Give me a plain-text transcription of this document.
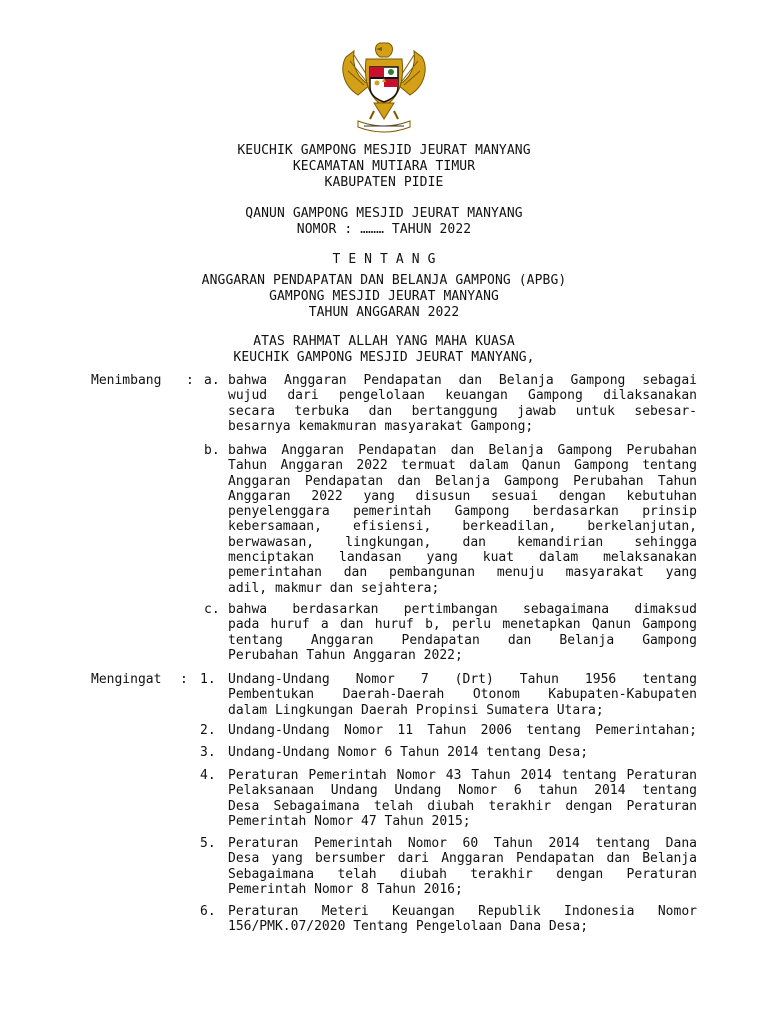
KEUCHIK GAMPONG MESJID JEURAT MANYANG
KECAMATAN MUTIARA TIMUR
KABUPATEN PIDIE
QANUN GAMPONG MESJID JEURAT MANYANG
NOMOR : ……… TAHUN 2022
T E N T A N G
ANGGARAN PENDAPATAN DAN BELANJA GAMPONG (APBG)
GAMPONG MESJID JEURAT MANYANG
TAHUN ANGGARAN 2022
ATAS RAHMAT ALLAH YANG MAHA KUASA
KEUCHIK GAMPONG MESJID JEURAT MANYANG,
Menimbang : a. bahwa Anggaran Pendapatan dan Belanja Gampong sebagai
wujud dari pengelolaan keuangan Gampong dilaksanakan
secara terbuka dan bertanggung jawab untuk sebesar-
besarnya kemakmuran masyarakat Gampong;
b. bahwa Anggaran Pendapatan dan Belanja Gampong Perubahan
Tahun Anggaran 2022 termuat dalam Qanun Gampong tentang
Anggaran Pendapatan dan Belanja Gampong Perubahan Tahun
Anggaran 2022 yang disusun sesuai dengan kebutuhan
penyelenggara pemerintah Gampong berdasarkan prinsip
kebersamaan, efisiensi, berkeadilan, berkelanjutan,
berwawasan, lingkungan, dan kemandirian sehingga
menciptakan landasan yang kuat dalam melaksanakan
pemerintahan dan pembangunan menuju masyarakat yang
adil, makmur dan sejahtera;
c. bahwa berdasarkan pertimbangan sebagaimana dimaksud
pada huruf a dan huruf b, perlu menetapkan Qanun Gampong
tentang Anggaran Pendapatan dan Belanja Gampong
Perubahan Tahun Anggaran 2022;
Mengingat : 1. Undang-Undang Nomor 7 (Drt) Tahun 1956 tentang
Pembentukan Daerah-Daerah Otonom Kabupaten-Kabupaten
dalam Lingkungan Daerah Propinsi Sumatera Utara;
2. Undang-Undang Nomor 11 Tahun 2006 tentang Pemerintahan;
3. Undang-Undang Nomor 6 Tahun 2014 tentang Desa;
4. Peraturan Pemerintah Nomor 43 Tahun 2014 tentang Peraturan
Pelaksanaan Undang Undang Nomor 6 tahun 2014 tentang
Desa Sebagaimana telah diubah terakhir dengan Peraturan
Pemerintah Nomor 47 Tahun 2015;
5. Peraturan Pemerintah Nomor 60 Tahun 2014 tentang Dana
Desa yang bersumber dari Anggaran Pendapatan dan Belanja
Sebagaimana telah diubah terakhir dengan Peraturan
Pemerintah Nomor 8 Tahun 2016;
6. Peraturan Meteri Keuangan Republik Indonesia Nomor
156/PMK.07/2020 Tentang Pengelolaan Dana Desa;
